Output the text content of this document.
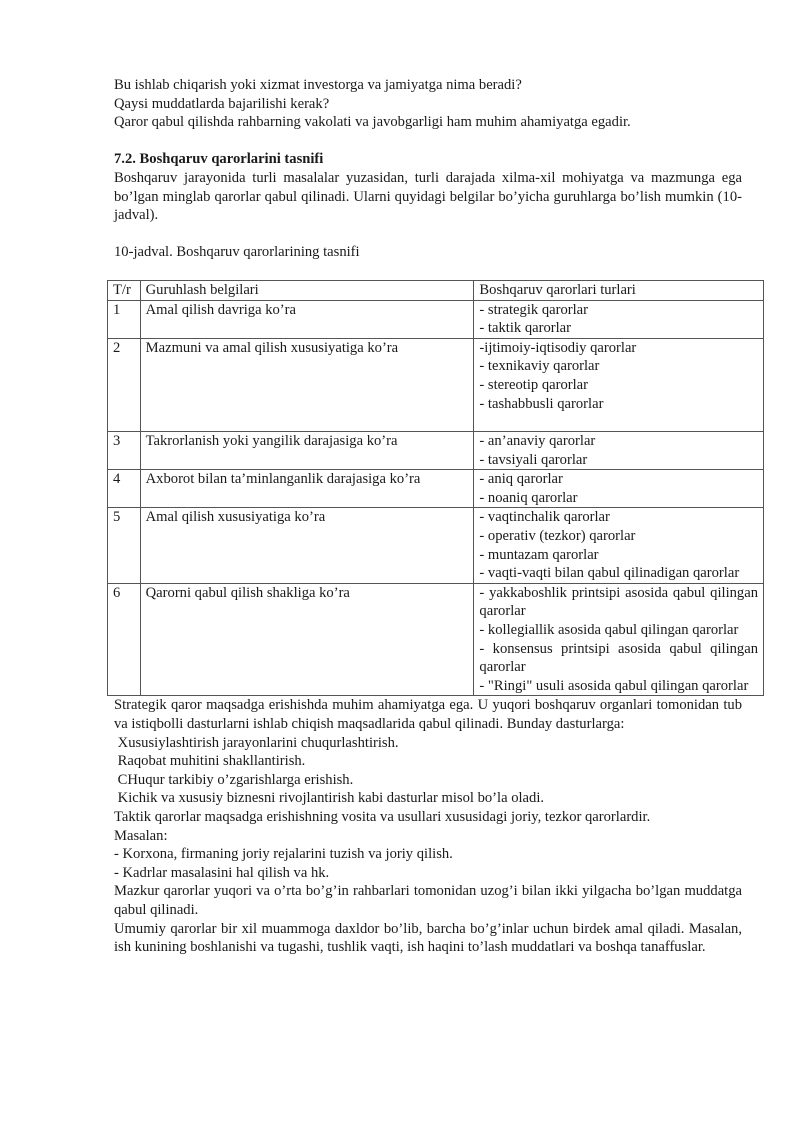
Bu ishlab chiqarish yoki xizmat investorga va jamiyatga nima beradi?

Qaysi muddatlarda bajarilishi kerak?

Qaror qabul qilishda rahbarning vakolati va javobgarligi ham muhim ahamiyatga egadir.

7.2. Boshqaruv qarorlarini tasnifi

Boshqaruv jarayonida turli masalalar yuzasidan, turli darajada xilma-xil mohiyatga va mazmunga ega bo’lgan minglab qarorlar qabul qilinadi. Ularni quyidagi belgilar bo’yicha guruhlarga bo’lish mumkin (10-jadval).

10-jadval. Boshqaruv qarorlarining tasnifi

T/r	Guruhlash belgilari	Boshqaruv qarorlari turlari
1	Amal qilish davriga ko’ra	- strategik qarorlar
- taktik qarorlar

2	Mazmuni va amal qilish xususiyatiga ko’ra	-ijtimoiy-iqtisodiy qarorlar
- texnikaviy qarorlar
- stereotip qarorlar
- tashabbusli qarorlar

3	Takrorlanish yoki yangilik darajasiga ko’ra	- an’anaviy qarorlar
- tavsiyali qarorlar

4	Axborot bilan ta’minlanganlik darajasiga ko’ra	- aniq qarorlar
- noaniq qarorlar

5	Amal qilish xususiyatiga ko’ra	- vaqtinchalik qarorlar
- operativ (tezkor) qarorlar
- muntazam qarorlar
- vaqti-vaqti bilan qabul qilinadigan qarorlar

6	Qarorni qabul qilish shakliga ko’ra	- yakkaboshlik printsipi asosida qabul qilingan qarorlar
- kollegiallik asosida qabul qilingan qarorlar
- konsensus printsipi asosida qabul qilingan qarorlar
- "Ringi" usuli asosida qabul qilingan qarorlar

Strategik qaror maqsadga erishishda muhim ahamiyatga ega. U yuqori boshqaruv organlari tomonidan tub va istiqbolli dasturlarni ishlab chiqish maqsadlarida qabul qilinadi. Bunday dasturlarga:

Xususiylashtirish jarayonlarini chuqurlashtirish.

Raqobat muhitini shakllantirish.

CHuqur tarkibiy o’zgarishlarga erishish.

Kichik va xususiy biznesni rivojlantirish kabi dasturlar misol bo’la oladi.

Taktik qarorlar maqsadga erishishning vosita va usullari xususidagi joriy, tezkor qarorlardir.

Masalan:

- Korxona, firmaning joriy rejalarini tuzish va joriy qilish.

- Kadrlar masalasini hal qilish va hk.

Mazkur qarorlar yuqori va o’rta bo’g’in rahbarlari tomonidan uzog’i bilan ikki yilgacha bo’lgan muddatga qabul qilinadi.

Umumiy qarorlar bir xil muammoga daxldor bo’lib, barcha bo’g’inlar uchun birdek amal qiladi. Masalan, ish kunining boshlanishi va tugashi, tushlik vaqti, ish haqini to’lash muddatlari va boshqa tanaffuslar.
